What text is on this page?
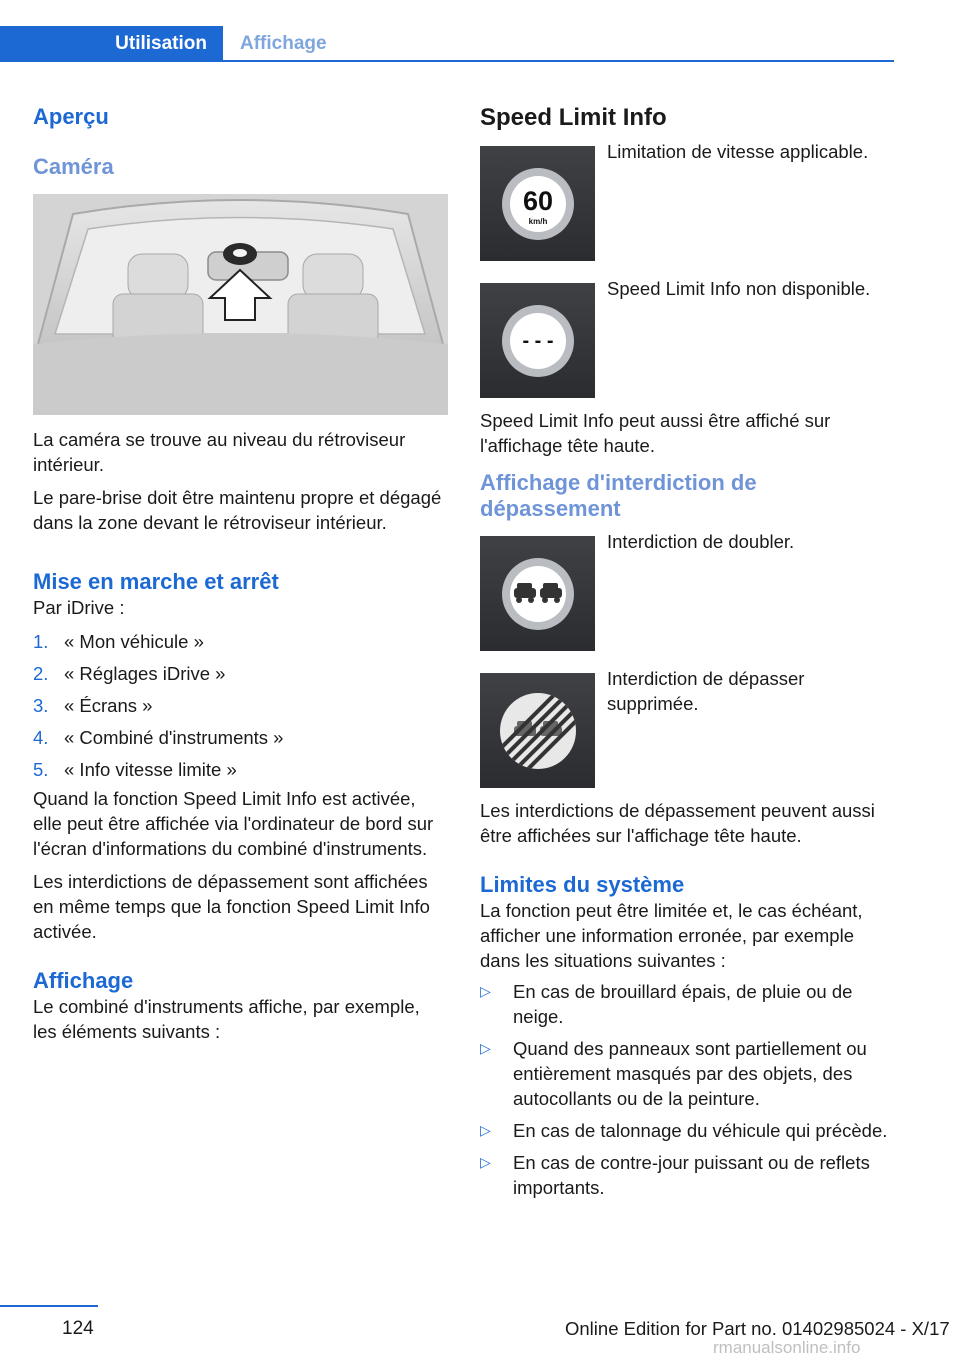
Utilisation	Affichage
Aperçu
Caméra

La caméra se trouve au niveau du rétroviseur intérieur.

Le pare-brise doit être maintenu propre et dégagé dans la zone devant le rétroviseur intérieur.

Mise en marche et arrêt

Par iDrive :

1. « Mon véhicule »
2. « Réglages iDrive »
3. « Écrans »
4. « Combiné d'instruments »
5. « Info vitesse limite »

Quand la fonction Speed Limit Info est activée, elle peut être affichée via l'ordinateur de bord sur l'écran d'informations du combiné d'instruments.

Les interdictions de dépassement sont affichées en même temps que la fonction Speed Limit Info activée.

Affichage

Le combiné d'instruments affiche, par exemple, les éléments suivants :

Speed Limit Info
60
km/h
Limitation de vitesse applicable.
- - -
Speed Limit Info non disponible.

Speed Limit Info peut aussi être affiché sur l'affichage tête haute.

Affichage d'interdiction de dépassement
Interdiction de doubler.
Interdiction de dépasser supprimée.

Les interdictions de dépassement peuvent aussi être affichées sur l'affichage tête haute.

Limites du système

La fonction peut être limitée et, le cas échéant, afficher une information erronée, par exemple dans les situations suivantes :

▷	En cas de brouillard épais, de pluie ou de neige.
▷	Quand des panneaux sont partiellement ou entièrement masqués par des objets, des autocollants ou de la peinture.
▷	En cas de talonnage du véhicule qui précède.
▷	En cas de contre-jour puissant ou de reflets importants.
124	Online Edition for Part no. 01402985024 - X/17
rmanualsonline.info
